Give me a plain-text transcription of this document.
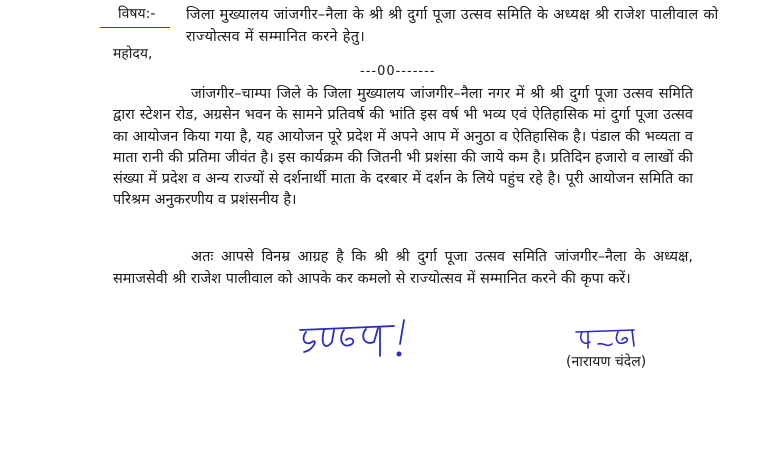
विषय:- जिला मुख्यालय जांजगीर–नैला के श्री श्री दुर्गा पूजा उत्सव समिति के अध्यक्ष श्री राजेश पालीवाल को राज्योत्सव में सम्मानित करने हेतु।
महोदय,
---00-------

जांजगीर–चाम्पा जिले के जिला मुख्यालय जांजगीर–नैला नगर में श्री श्री दुर्गा पूजा उत्सव समिति द्वारा स्टेशन रोड, अग्रसेन भवन के सामने प्रतिवर्ष की भांति इस वर्ष भी भव्य एवं ऐतिहासिक मां दुर्गा पूजा उत्सव का आयोजन किया गया है, यह आयोजन पूरे प्रदेश में अपने आप में अनुठा व ऐतिहासिक है। पंडाल की भव्यता व माता रानी की प्रतिमा जीवंत है। इस कार्यक्रम की जितनी भी प्रशंसा की जाये कम है। प्रतिदिन हजारो व लाखों की संख्या में प्रदेश व अन्य राज्यों से दर्शनार्थी माता के दरबार में दर्शन के लिये पहुंच रहे है। पूरी आयोजन समिति का परिश्रम अनुकरणीय व प्रशंसनीय है।

अतः आपसे विनम्र आग्रह है कि श्री श्री दुर्गा पूजा उत्सव समिति जांजगीर–नैला के अध्यक्ष, समाजसेवी श्री राजेश पालीवाल को आपके कर कमलो से राज्योत्सव में सम्मानित करने की कृपा करें।

(नारायण चंदेल)
